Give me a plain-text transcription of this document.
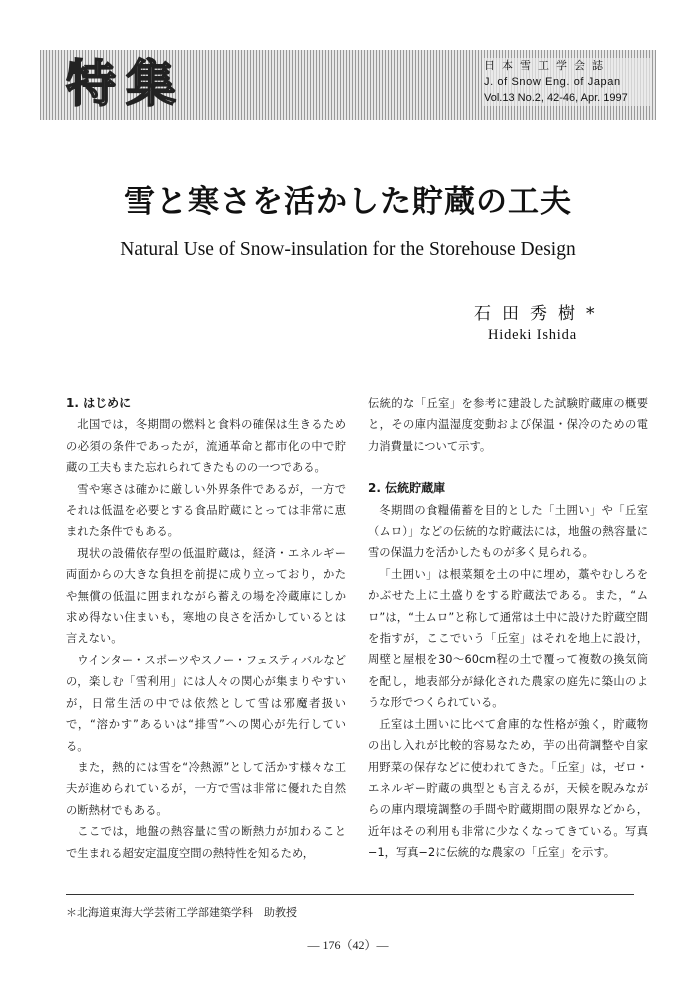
特集	日本雪工学会誌
J. of Snow Eng. of Japan
Vol.13 No.2, 42-46, Apr. 1997
雪と寒さを活かした貯蔵の工夫
Natural Use of Snow-insulation for the Storehouse Design
石田秀樹*
Hideki Ishida
1. はじめに

北国では，冬期間の燃料と食料の確保は生きるための必須の条件であったが，流通革命と都市化の中で貯蔵の工夫もまた忘れられてきたものの一つである。

雪や寒さは確かに厳しい外界条件であるが，一方でそれは低温を必要とする食品貯蔵にとっては非常に恵まれた条件でもある。

現状の設備依存型の低温貯蔵は，経済・エネルギー両面からの大きな負担を前提に成り立っており，かたや無償の低温に囲まれながら蓄えの場を冷蔵庫にしか求め得ない住まいも，寒地の良さを活かしているとは言えない。

ウインター・スポーツやスノー・フェスティバルなどの，楽しむ「雪利用」には人々の関心が集まりやすいが，日常生活の中では依然として雪は邪魔者扱いで，“溶かす”あるいは“排雪”への関心が先行している。

また，熱的には雪を“冷熱源”として活かす様々な工夫が進められているが，一方で雪は非常に優れた自然の断熱材でもある。

ここでは，地盤の熱容量に雪の断熱力が加わることで生まれる超安定温度空間の熱特性を知るため，

伝統的な「丘室」を参考に建設した試験貯蔵庫の概要と，その庫内温湿度変動および保温・保冷のための電力消費量について示す。

2. 伝統貯蔵庫

冬期間の食糧備蓄を目的とした「土囲い」や「丘室（ムロ）」などの伝統的な貯蔵法には，地盤の熱容量に雪の保温力を活かしたものが多く見られる。

「土囲い」は根菜類を土の中に埋め，藁やむしろをかぶせた上に土盛りをする貯蔵法である。また，“ムロ”は，“土ムロ”と称して通常は土中に設けた貯蔵空間を指すが，ここでいう「丘室」はそれを地上に設け，周壁と屋根を30〜60cm程の土で覆って複数の換気筒を配し，地表部分が緑化された農家の庭先に築山のような形でつくられている。

丘室は土囲いに比べて倉庫的な性格が強く，貯蔵物の出し入れが比較的容易なため，芋の出荷調整や自家用野菜の保存などに使われてきた。「丘室」は，ゼロ・エネルギー貯蔵の典型とも言えるが，天候を睨みながらの庫内環境調整の手間や貯蔵期間の限界などから，近年はその利用も非常に少なくなってきている。写真−1，写真−2に伝統的な農家の「丘室」を示す。

＊北海道東海大学芸術工学部建築学科　助教授
— 176（42）—
